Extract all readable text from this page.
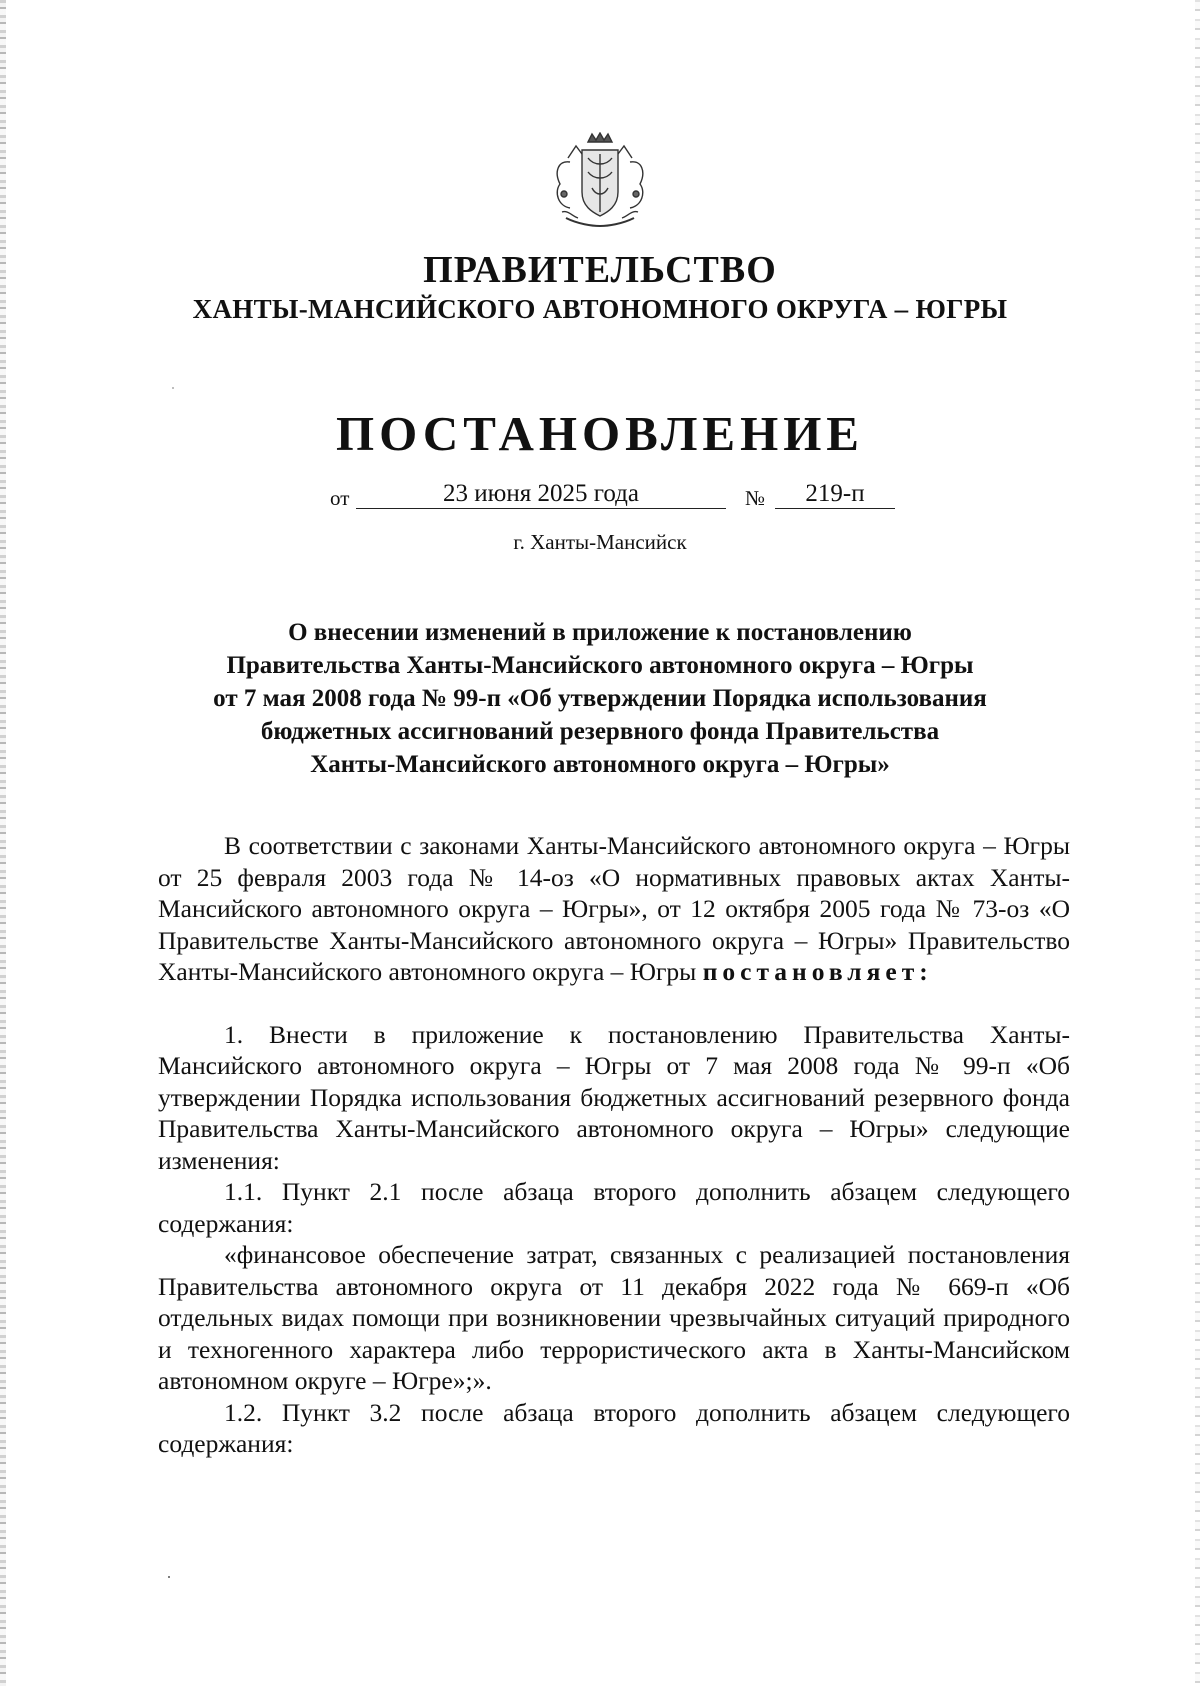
ПРАВИТЕЛЬСТВО
ХАНТЫ-МАНСИЙСКОГО АВТОНОМНОГО ОКРУГА – ЮГРЫ
ПОСТАНОВЛЕНИЕ
от	23 июня 2025 года	№	219-п
г. Ханты-Мансийск
О внесении изменений в приложение к постановлению
Правительства Ханты-Мансийского автономного округа – Югры
от 7 мая 2008 года № 99-п «Об утверждении Порядка использования
бюджетных ассигнований резервного фонда Правительства
Ханты-Мансийского автономного округа – Югры»

В соответствии с законами Ханты-Мансийского автономного округа – Югры от 25 февраля 2003 года № 14-оз «О нормативных правовых актах Ханты-Мансийского автономного округа – Югры», от 12 октября 2005 года № 73-оз «О Правительстве Ханты-Мансийского автономного округа – Югры» Правительство Ханты-Мансийского автономного округа – Югры постановляет:

1. Внести в приложение к постановлению Правительства Ханты-Мансийского автономного округа – Югры от 7 мая 2008 года № 99-п «Об утверждении Порядка использования бюджетных ассигнований резервного фонда Правительства Ханты-Мансийского автономного округа – Югры» следующие изменения:

1.1. Пункт 2.1 после абзаца второго дополнить абзацем следующего содержания:

«финансовое обеспечение затрат, связанных с реализацией постановления Правительства автономного округа от 11 декабря 2022 года № 669-п «Об отдельных видах помощи при возникновении чрезвычайных ситуаций природного и техногенного характера либо террористического акта в Ханты-Мансийском автономном округе – Югре»;».

1.2. Пункт 3.2 после абзаца второго дополнить абзацем следующего содержания:
